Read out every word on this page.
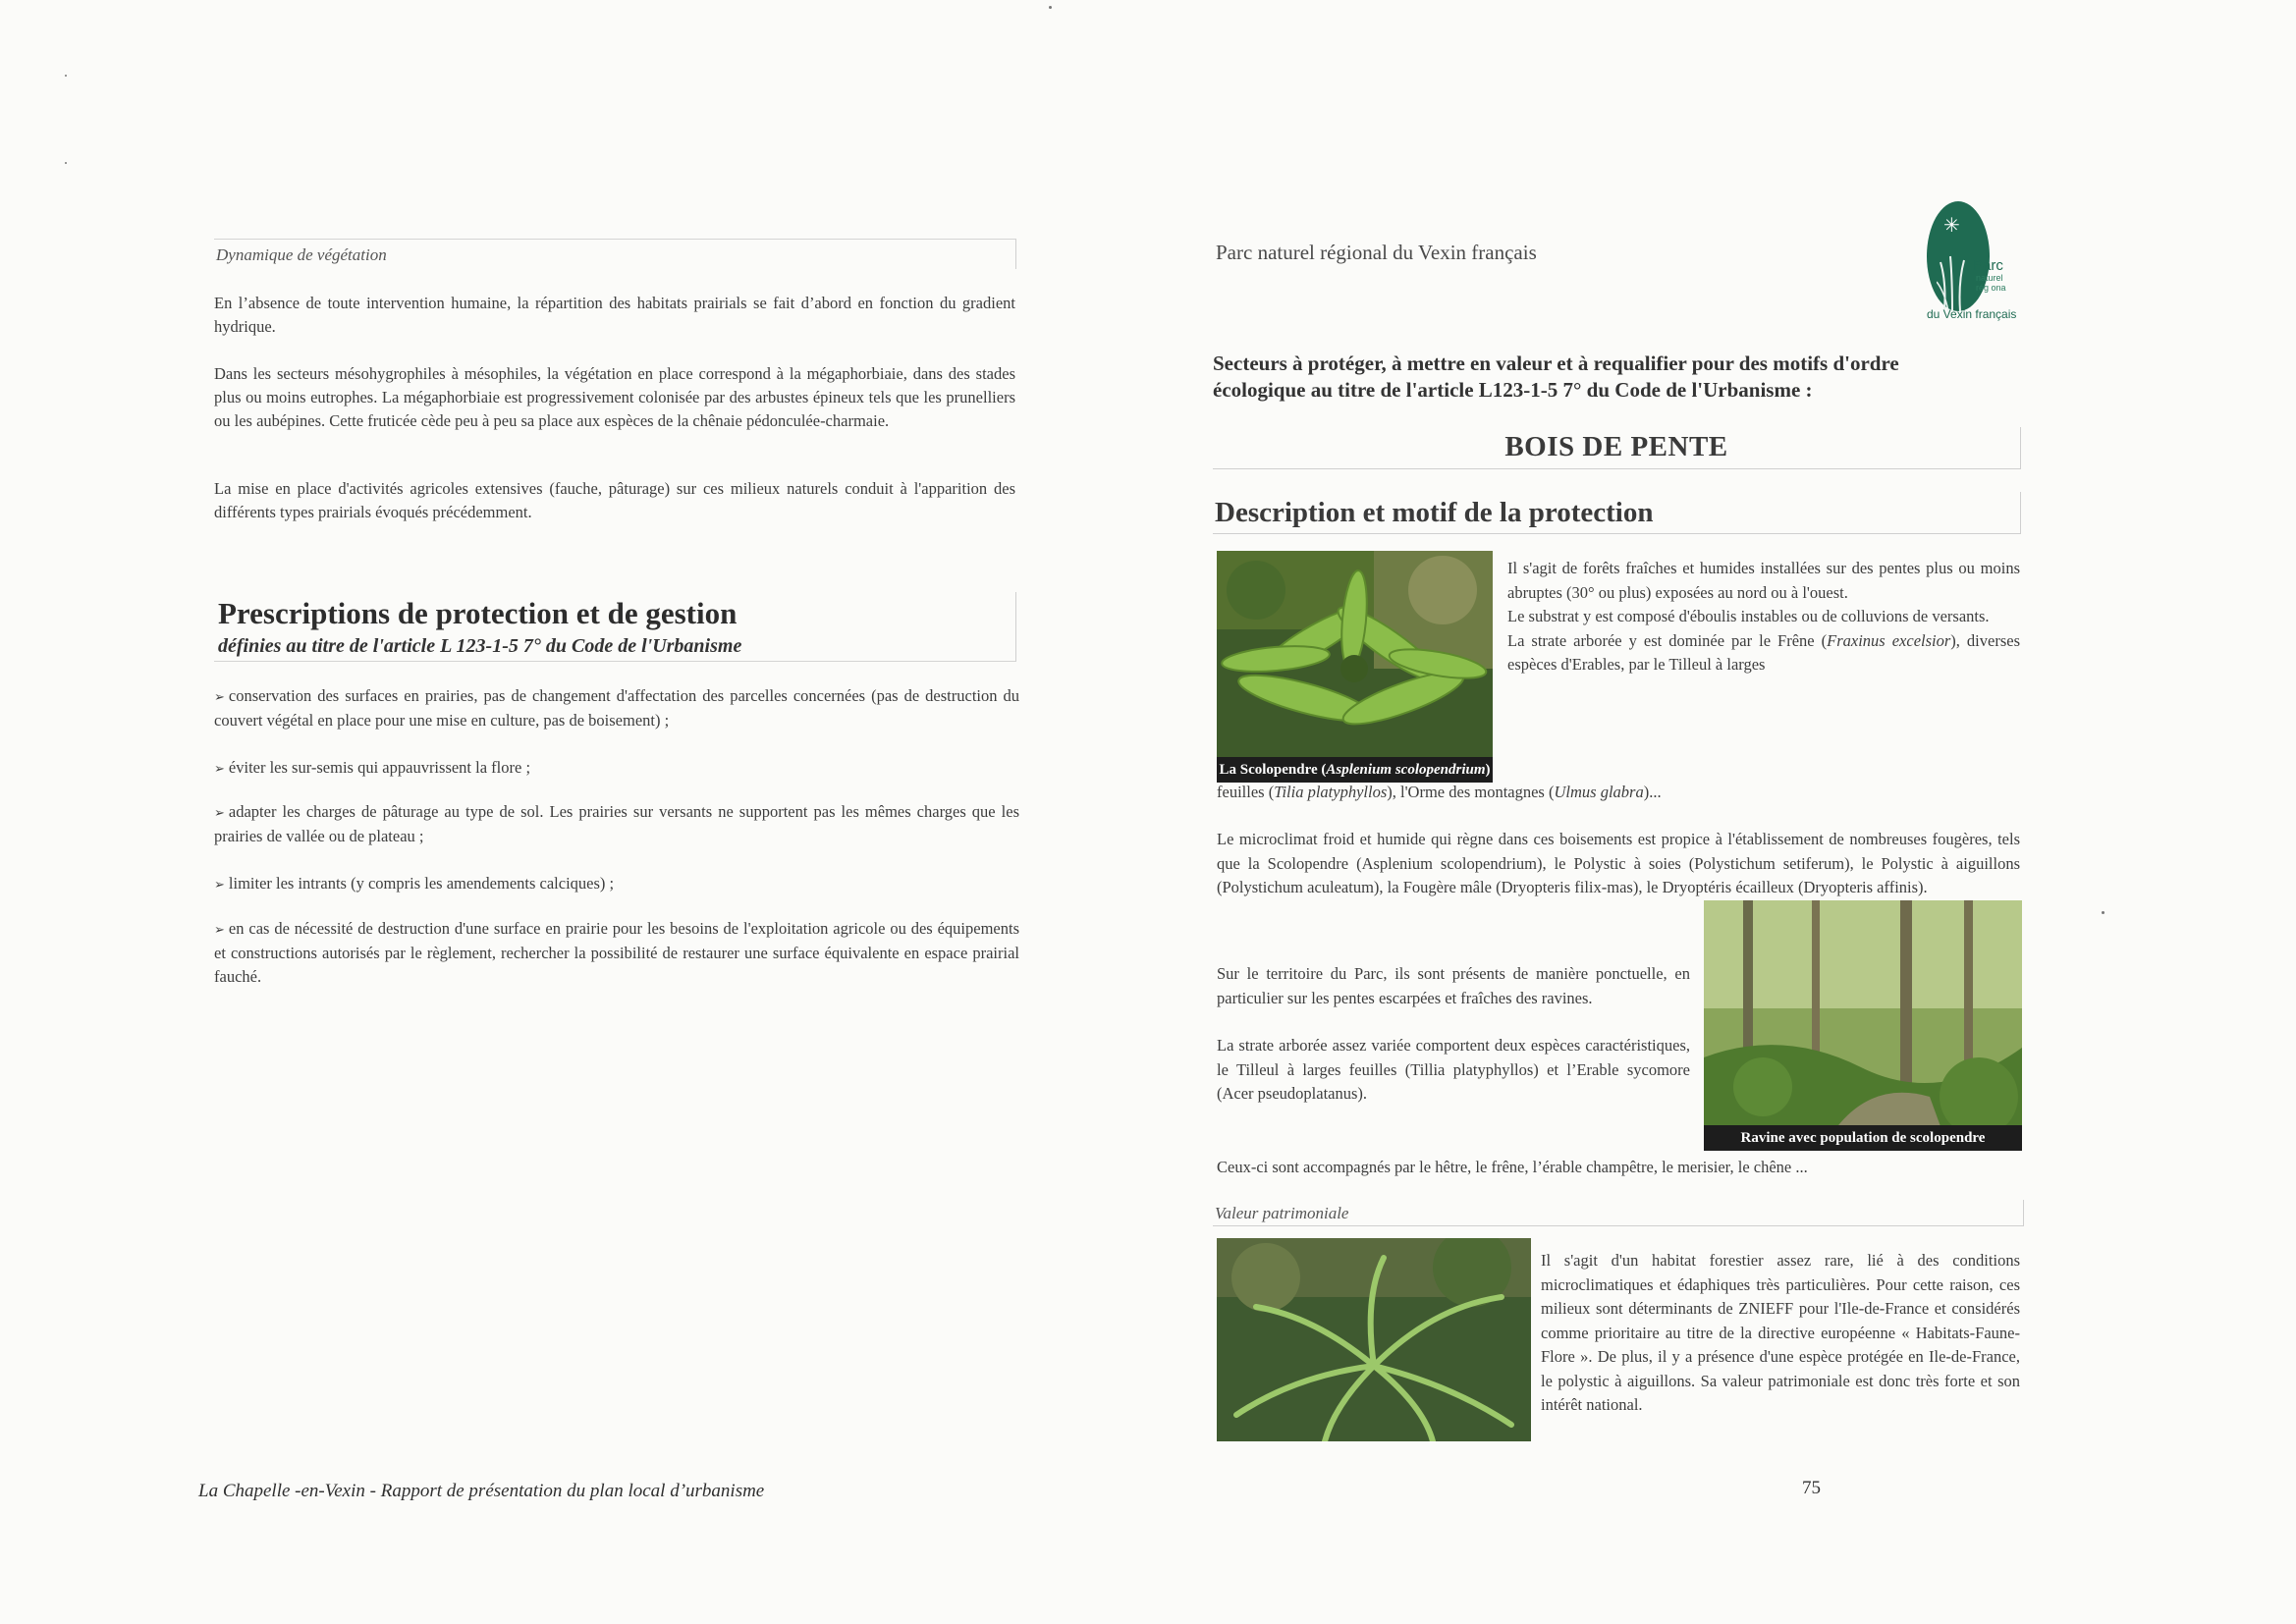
Dynamique de végétation
En l’absence de toute intervention humaine, la répartition des habitats prairials se fait d’abord en fonction du gradient hydrique.
Dans les secteurs mésohygrophiles à mésophiles, la végétation en place correspond à la mégaphorbiaie, dans des stades plus ou moins eutrophes. La mégaphorbiaie est progressivement colonisée par des arbustes épineux tels que les prunelliers ou les aubépines. Cette fruticée cède peu à peu sa place aux espèces de la chênaie pédonculée-charmaie.
La mise en place d'activités agricoles extensives (fauche, pâturage) sur ces milieux naturels conduit à l'apparition des différents types prairials évoqués précédemment.
Prescriptions de protection et de gestion
définies au titre de l'article L 123-1-5 7° du Code de l'Urbanisme
➢ conservation des surfaces en prairies, pas de changement d'affectation des parcelles concernées (pas de destruction du couvert végétal en place pour une mise en culture, pas de boisement) ;
➢ éviter les sur-semis qui appauvrissent la flore ;
➢ adapter les charges de pâturage au type de sol. Les prairies sur versants ne supportent pas les mêmes charges que les prairies de vallée ou de plateau ;
➢ limiter les intrants (y compris les amendements calciques) ;
➢ en cas de nécessité de destruction d'une surface en prairie pour les besoins de l'exploitation agricole ou des équipements et constructions autorisés par le règlement, rechercher la possibilité de restaurer une surface équivalente en espace prairial fauché.
La Chapelle -en-Vexin - Rapport de présentation du plan local d’urbanisme
Parc naturel régional du Vexin français
✳
Parc
naturel
rég ona
du Vexin français
Secteurs à protéger, à mettre en valeur et à requalifier pour des motifs d'ordre écologique au titre de l'article L123-1-5 7° du Code de l'Urbanisme :
BOIS DE PENTE
Description et motif de la protection
La Scolopendre (Asplenium scolopendrium)
Il s'agit de forêts fraîches et humides installées sur des pentes plus ou moins abruptes (30° ou plus) exposées au nord ou à l'ouest.
Le substrat y est composé d'éboulis instables ou de colluvions de versants.
La strate arborée y est dominée par le Frêne (Fraxinus excelsior), diverses espèces d'Erables, par le Tilleul à larges
feuilles (Tilia platyphyllos), l'Orme des montagnes (Ulmus glabra)...
Le microclimat froid et humide qui règne dans ces boisements est propice à l'établissement de nombreuses fougères, tels que la Scolopendre (Asplenium scolopendrium), le Polystic à soies (Polystichum setiferum), le Polystic à aiguillons (Polystichum aculeatum), la Fougère mâle (Dryopteris filix-mas), le Dryoptéris écailleux (Dryopteris affinis).
Ravine avec population de scolopendre
Sur le territoire du Parc, ils sont présents de manière ponctuelle, en particulier sur les pentes escarpées et fraîches des ravines.
La strate arborée assez variée comportent deux espèces caractéristiques, le Tilleul à larges feuilles (Tillia platyphyllos) et l’Erable sycomore (Acer pseudoplatanus).
Ceux-ci sont accompagnés par le hêtre, le frêne, l’érable champêtre, le merisier, le chêne ...
Valeur patrimoniale
Il s'agit d'un habitat forestier assez rare, lié à des conditions microclimatiques et édaphiques très particulières. Pour cette raison, ces milieux sont déterminants de ZNIEFF pour l'Ile-de-France et considérés comme prioritaire au titre de la directive européenne « Habitats-Faune-Flore ». De plus, il y a présence d'une espèce protégée en Ile-de-France, le polystic à aiguillons. Sa valeur patrimoniale est donc très forte et son intérêt national.
75
